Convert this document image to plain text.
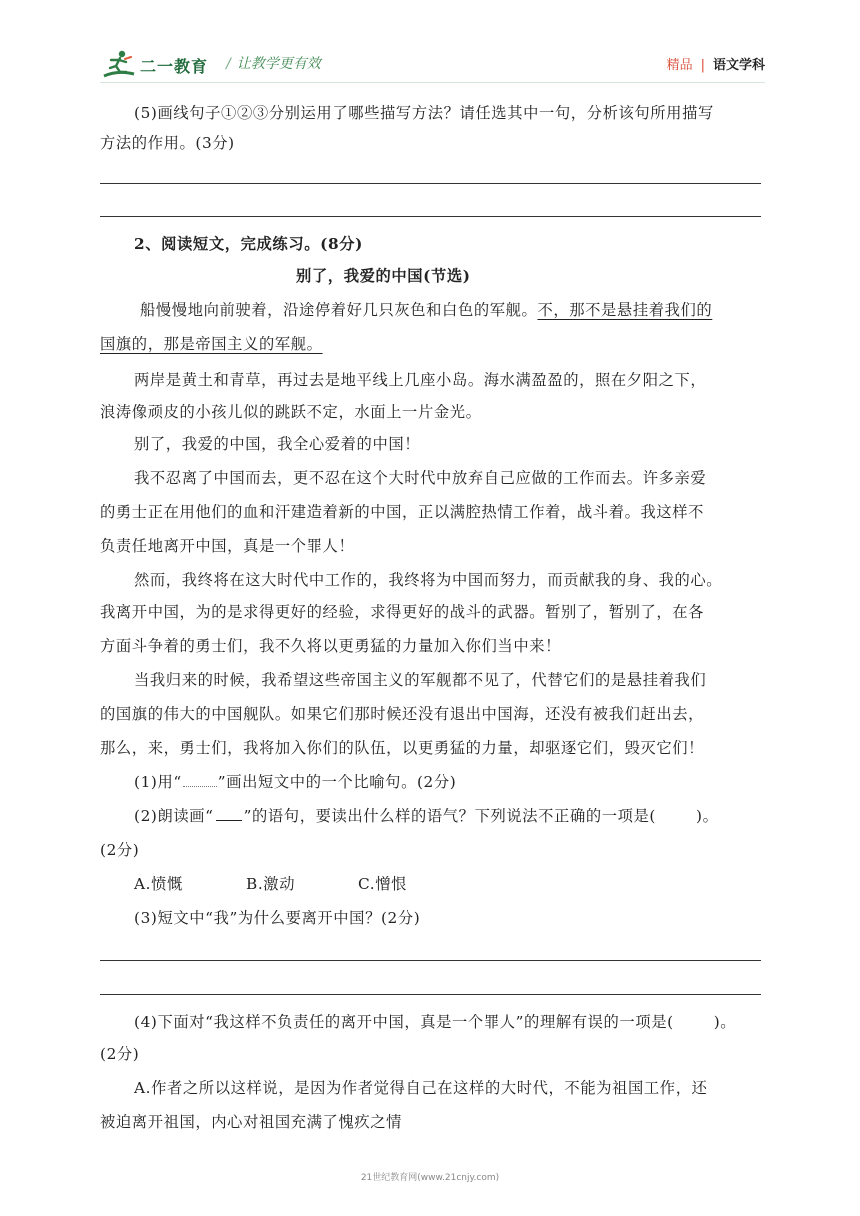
二一教育 / 让教学更有效	精品 | 语文学科
(5)画线句子①②③分别运用了哪些描写方法？请任选其中一句，分析该句所用描写
方法的作用。(3分)
2、阅读短文，完成练习。(8分)
别了，我爱的中国(节选)
船慢慢地向前驶着，沿途停着好几只灰色和白色的军舰。不，那不是悬挂着我们的
国旗的，那是帝国主义的军舰。
两岸是黄土和青草，再过去是地平线上几座小岛。海水满盈盈的，照在夕阳之下，
浪涛像顽皮的小孩儿似的跳跃不定，水面上一片金光。
别了，我爱的中国，我全心爱着的中国！
我不忍离了中国而去，更不忍在这个大时代中放弃自己应做的工作而去。许多亲爱
的勇士正在用他们的血和汗建造着新的中国，正以满腔热情工作着，战斗着。我这样不
负责任地离开中国，真是一个罪人！
然而，我终将在这大时代中工作的，我终将为中国而努力，而贡献我的身、我的心。
我离开中国，为的是求得更好的经验，求得更好的战斗的武器。暂别了，暂别了，在各
方面斗争着的勇士们，我不久将以更勇猛的力量加入你们当中来！
当我归来的时候，我希望这些帝国主义的军舰都不见了，代替它们的是悬挂着我们
的国旗的伟大的中国舰队。如果它们那时候还没有退出中国海，还没有被我们赶出去，
那么，来，勇士们，我将加入你们的队伍，以更勇猛的力量，却驱逐它们，毁灭它们！
(1)用“ ”画出短文中的一个比喻句。(2分)
(2)朗读画“ ”的语句，要读出什么样的语气？下列说法不正确的一项是(	)。
(2分)
A.愤慨	B.激动	C.憎恨
(3)短文中“我”为什么要离开中国？(2分)
(4)下面对“我这样不负责任的离开中国，真是一个罪人”的理解有误的一项是(	)。
(2分)
A.作者之所以这样说，是因为作者觉得自己在这样的大时代，不能为祖国工作，还
被迫离开祖国，内心对祖国充满了愧疚之情
21世纪教育网(www.21cnjy.com)
